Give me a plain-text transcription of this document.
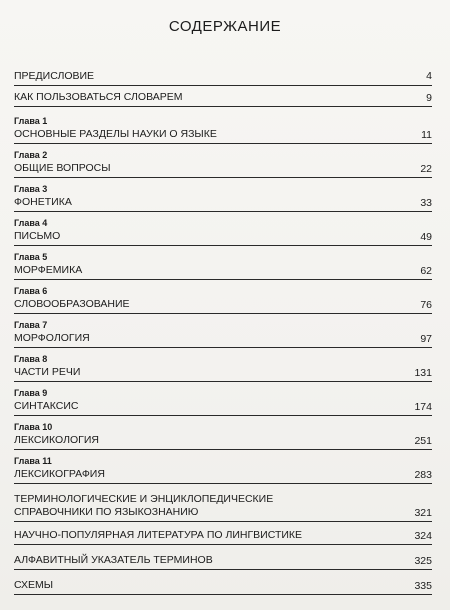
СОДЕРЖАНИЕ
ПРЕДИСЛОВИЕ	4
КАК ПОЛЬЗОВАТЬСЯ СЛОВАРЕМ	9
Глава 1
ОСНОВНЫЕ РАЗДЕЛЫ НАУКИ О ЯЗЫКЕ	11
Глава 2
ОБЩИЕ ВОПРОСЫ	22
Глава 3
ФОНЕТИКА	33
Глава 4
ПИСЬМО	49
Глава 5
МОРФЕМИКА	62
Глава 6
СЛОВООБРАЗОВАНИЕ	76
Глава 7
МОРФОЛОГИЯ	97
Глава 8
ЧАСТИ РЕЧИ	131
Глава 9
СИНТАКСИС	174
Глава 10
ЛЕКСИКОЛОГИЯ	251
Глава 11
ЛЕКСИКОГРАФИЯ	283
ТЕРМИНОЛОГИЧЕСКИЕ И ЭНЦИКЛОПЕДИЧЕСКИЕ
СПРАВОЧНИКИ ПО ЯЗЫКОЗНАНИЮ	321
НАУЧНО-ПОПУЛЯРНАЯ ЛИТЕРАТУРА ПО ЛИНГВИСТИКЕ	324
АЛФАВИТНЫЙ УКАЗАТЕЛЬ ТЕРМИНОВ	325
СХЕМЫ	335
